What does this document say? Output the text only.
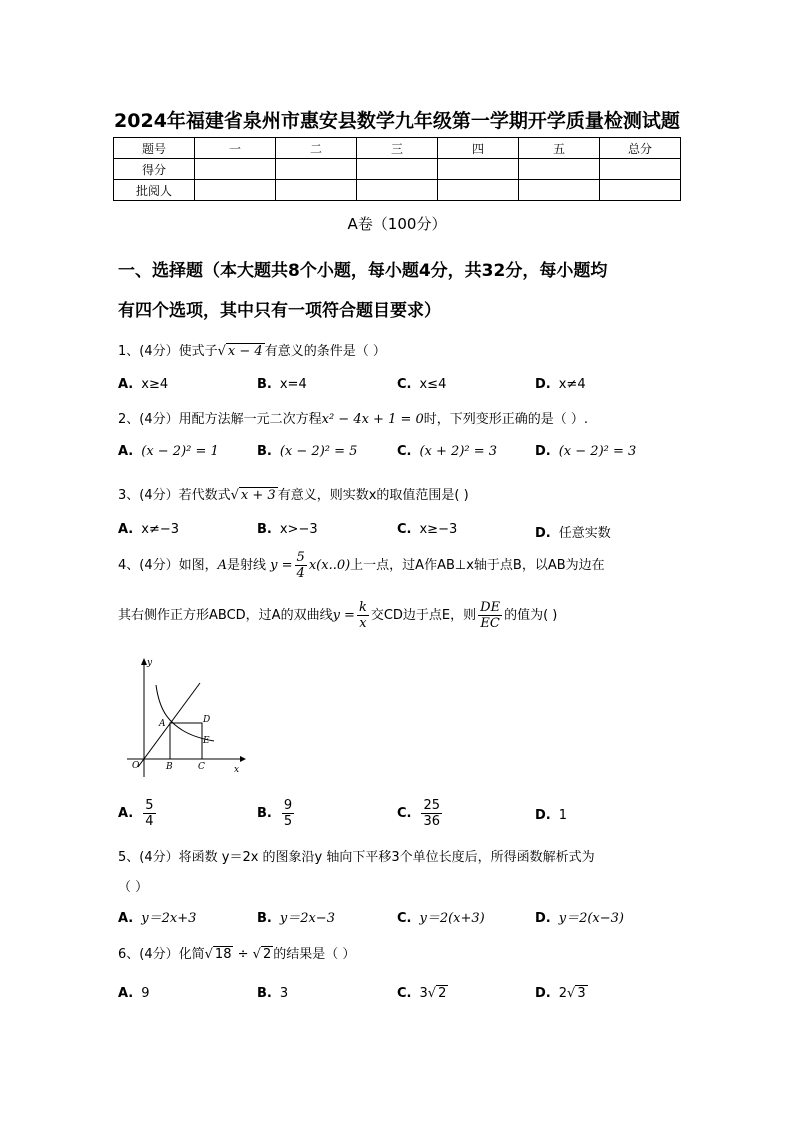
2024年福建省泉州市惠安县数学九年级第一学期开学质量检测试题
题号	一	二	三	四	五	总分
得分						
批阅人						
A卷（100分）
一、选择题（本大题共8个小题，每小题4分，共32分，每小题均
有四个选项，其中只有一项符合题目要求）
1、(4分）使式子√ x − 4 有意义的条件是（ ）
A. x≥4	B. x=4	C. x≤4	D. x≠4
2、(4分）用配方法解一元二次方程x² − 4x + 1 = 0时，下列变形正确的是（ ）.
A. (x − 2)² = 1	B. (x − 2)² = 5	C. (x + 2)² = 3	D. (x − 2)² = 3
3、(4分）若代数式√ x + 3 有意义，则实数x的取值范围是( )
A. x≠−3	B. x>−3	C. x≥−3	D. 任意实数
4、(4分）如图，A是射线 $y = \frac{5}{4} x(x..0)$上一点，过A作AB⊥x轴于点B，以AB为边在
其右侧作正方形ABCD，过A的双曲线$y = \frac{k}{x}$ 交CD边于点E，则 $\frac{DE}{EC}$ 的值为( )
y
x
O
A
B	C
D
E
A. $\frac{5}{4}$	B. $\frac{9}{5}$	C. $\frac{25}{36}$	D. 1
5、(4分）将函数 y＝2x 的图象沿y 轴向下平移3个单位长度后，所得函数解析式为
（ ）
A. y＝2x+3	B. y＝2x−3	C. y＝2(x+3)	D. y＝2(x−3)
6、(4分）化简√ 18 ÷ √ 2 的结果是（ ）
A. 9	B. 3	C. 3√ 2	D. 2√ 3
